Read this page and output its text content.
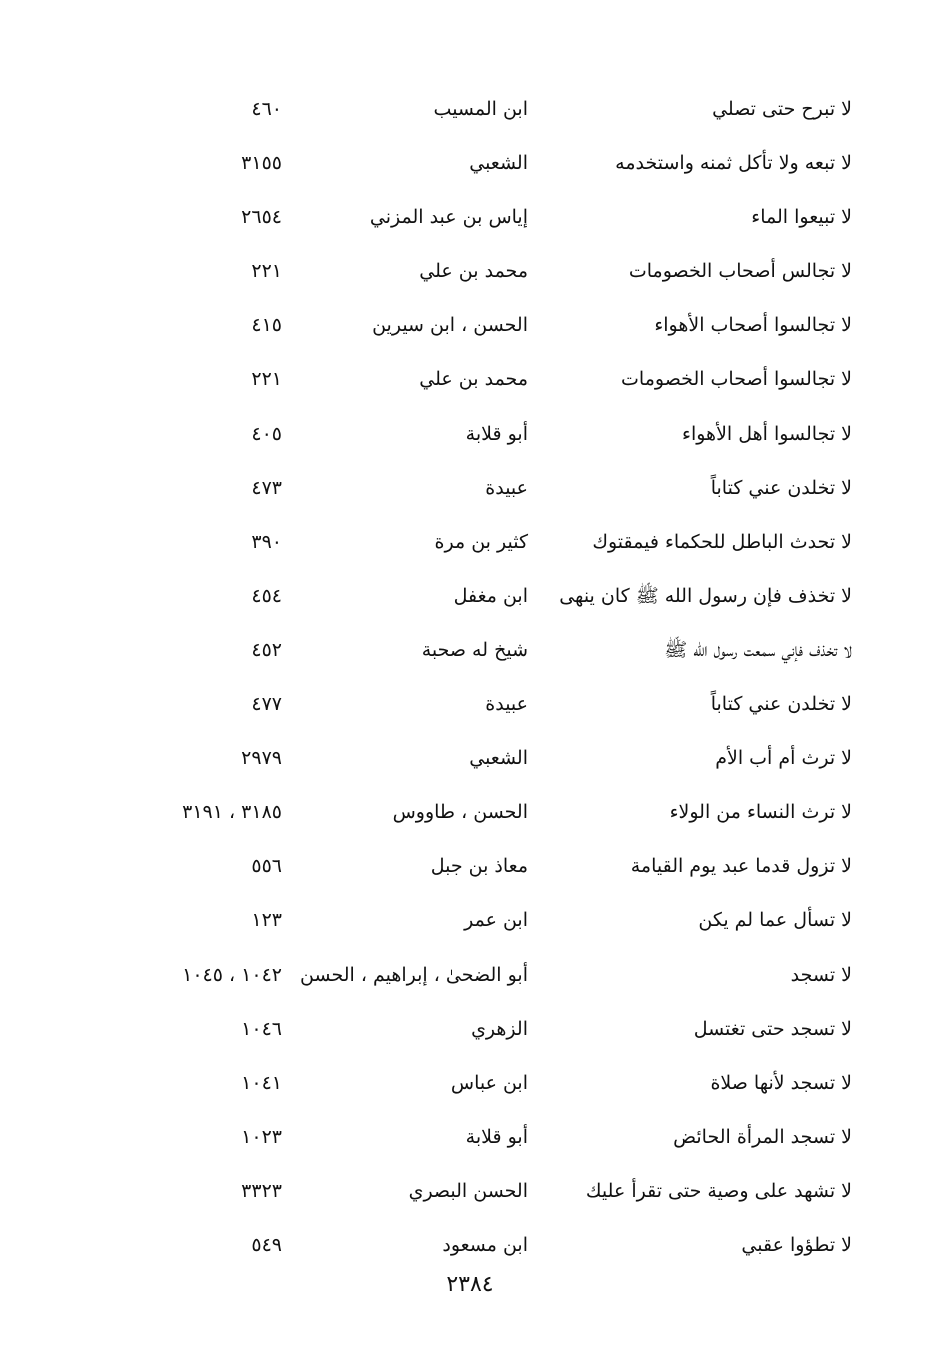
لا تبرح حتى تصلي
ابن المسيب
٤٦٠
لا تبعه ولا تأكل ثمنه واستخدمه
الشعبي
٣١٥٥
لا تبيعوا الماء
إياس بن عبد المزني
٢٦٥٤
لا تجالس أصحاب الخصومات
محمد بن علي
٢٢١
لا تجالسوا أصحاب الأهواء
الحسن ، ابن سيرين
٤١٥
لا تجالسوا أصحاب الخصومات
محمد بن علي
٢٢١
لا تجالسوا أهل الأهواء
أبو قلابة
٤٠٥
لا تخلدن عني كتاباً
عبيدة
٤٧٣
لا تحدث الباطل للحكماء فيمقتوك
كثير بن مرة
٣٩٠
لا تخذف فإن رسول الله ﷺ كان ينهى
ابن مغفل
٤٥٤
لا تخذف فإني سمعت رسول الله ﷺ
شيخ له صحبة
٤٥٢
لا تخلدن عني كتاباً
عبيدة
٤٧٧
لا ترث أم أب الأم
الشعبي
٢٩٧٩
لا ترث النساء من الولاء
الحسن ، طاووس
٣١٨٥ ، ٣١٩١
لا تزول قدما عبد يوم القيامة
معاذ بن جبل
٥٥٦
لا تسأل عما لم يكن
ابن عمر
١٢٣
لا تسجد
أبو الضحىٰ ، إبراهيم ، الحسن
١٠٤٢ ، ١٠٤٥
لا تسجد حتى تغتسل
الزهري
١٠٤٦
لا تسجد لأنها صلاة
ابن عباس
١٠٤١
لا تسجد المرأة الحائض
أبو قلابة
١٠٢٣
لا تشهد على وصية حتى تقرأ عليك
الحسن البصري
٣٣٢٣
لا تطؤوا عقبي
ابن مسعود
٥٤٩
٢٣٨٤
